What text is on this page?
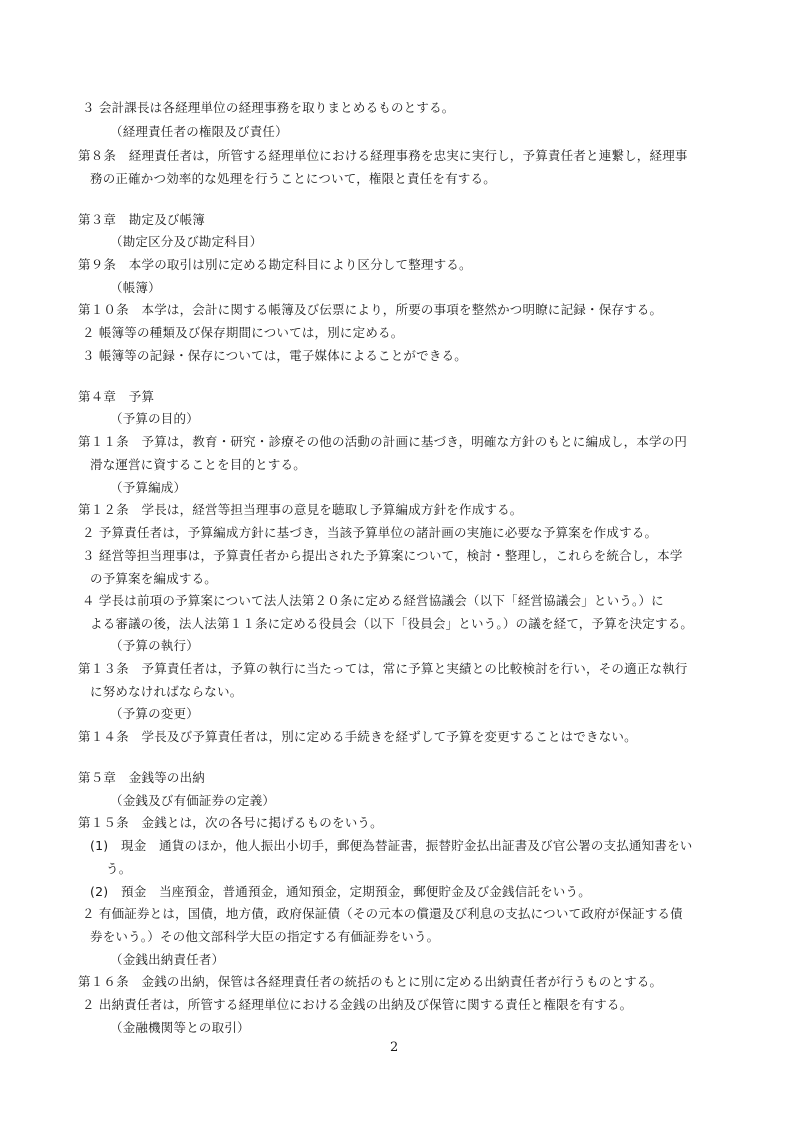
３ 会計課長は各経理単位の経理事務を取りまとめるものとする。
（経理責任者の権限及び責任）
第８条　経理責任者は，所管する経理単位における経理事務を忠実に実行し，予算責任者と連繋し，経理事
務の正確かつ効率的な処理を行うことについて，権限と責任を有する。
第３章　勘定及び帳簿
（勘定区分及び勘定科目）
第９条　本学の取引は別に定める勘定科目により区分して整理する。
（帳簿）
第１０条　本学は，会計に関する帳簿及び伝票により，所要の事項を整然かつ明瞭に記録・保存する。
２ 帳簿等の種類及び保存期間については，別に定める。
３ 帳簿等の記録・保存については，電子媒体によることができる。
第４章　予算
（予算の目的）
第１１条　予算は，教育・研究・診療その他の活動の計画に基づき，明確な方針のもとに編成し，本学の円
滑な運営に資することを目的とする。
（予算編成）
第１２条　学長は，経営等担当理事の意見を聴取し予算編成方針を作成する。
２ 予算責任者は，予算編成方針に基づき，当該予算単位の諸計画の実施に必要な予算案を作成する。
３ 経営等担当理事は，予算責任者から提出された予算案について，検討・整理し，これらを統合し，本学
の予算案を編成する。
４ 学長は前項の予算案について法人法第２０条に定める経営協議会（以下「経営協議会」という。）に
よる審議の後，法人法第１１条に定める役員会（以下「役員会」という。）の議を経て，予算を決定する。
（予算の執行）
第１３条　予算責任者は，予算の執行に当たっては，常に予算と実績との比較検討を行い，その適正な執行
に努めなければならない。
（予算の変更）
第１４条　学長及び予算責任者は，別に定める手続きを経ずして予算を変更することはできない。
第５章　金銭等の出納
（金銭及び有価証券の定義）
第１５条　金銭とは，次の各号に掲げるものをいう。
(1)　現金　通貨のほか，他人振出小切手，郵便為替証書，振替貯金払出証書及び官公署の支払通知書をい
う。
(2)　預金　当座預金，普通預金，通知預金，定期預金，郵便貯金及び金銭信託をいう。
２ 有価証券とは，国債，地方債，政府保証債（その元本の償還及び利息の支払について政府が保証する債
券をいう。）その他文部科学大臣の指定する有価証券をいう。
（金銭出納責任者）
第１６条　金銭の出納，保管は各経理責任者の統括のもとに別に定める出納責任者が行うものとする。
２ 出納責任者は，所管する経理単位における金銭の出納及び保管に関する責任と権限を有する。
（金融機関等との取引）
2
